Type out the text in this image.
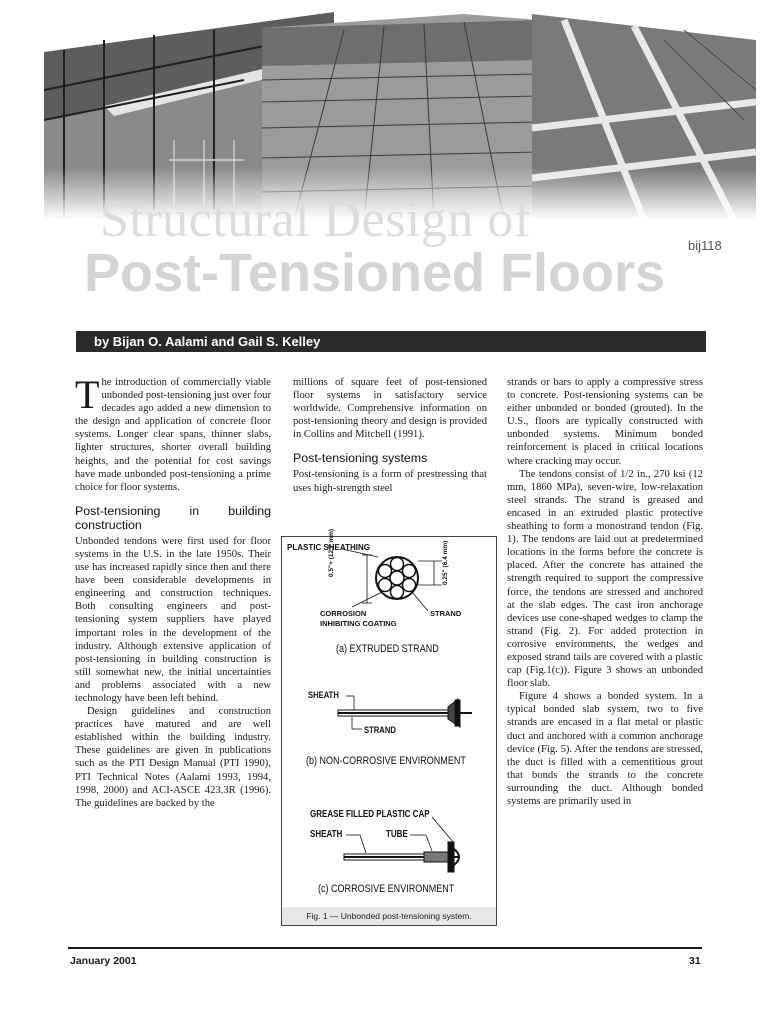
Structural Design of
Post-Tensioned Floors bij118
by Bijan O. Aalami and Gail S. Kelley

The introduction of commercially viable unbonded post-tensioning just over four decades ago added a new dimension to the design and application of concrete floor systems. Longer clear spans, thinner slabs, lighter structures, shorter overall building heights, and the potential for cost savings have made unbonded post-tensioning a prime choice for floor systems.

Post-tensioning in building construction

Unbonded tendons were first used for floor systems in the U.S. in the late 1950s. Their use has increased rapidly since then and there have been considerable developments in engineering and construction techniques. Both consulting engineers and post-tensioning system suppliers have played important roles in the development of the industry. Although extensive application of post-tensioning in building construction is still somewhat new, the initial uncertainties and problems associated with a new technology have been left behind.

Design guidelines and construction practices have matured and are well established within the building industry. These guidelines are given in publications such as the PTI Design Manual (PTI 1990), PTI Technical Notes (Aalami 1993, 1994, 1998, 2000) and ACI-ASCE 423.3R (1996). The guidelines are backed by the

millions of square feet of post-tensioned floor systems in satisfactory service worldwide. Comprehensive information on post-tensioning theory and design is provided in Collins and Mitchell (1991).

Post-tensioning systems

Post-tensioning is a form of prestressing that uses high-strength steel

PLASTIC SHEATHING
0.5"+ (12.7 mm)	0.25" (6.4 mm)
CORROSION
INHIBITING COATING
STRAND
(a) EXTRUDED STRAND
SHEATH
STRAND
(b) NON-CORROSIVE ENVIRONMENT
GREASE FILLED PLASTIC CAP
SHEATH	TUBE
(c) CORROSIVE ENVIRONMENT
Fig. 1 — Unbonded post-tensioning system.

strands or bars to apply a compressive stress to concrete. Post-tensioning systems can be either unbonded or bonded (grouted). In the U.S., floors are typically constructed with unbonded systems. Minimum bonded reinforcement is placed in critical locations where cracking may occur.

The tendons consist of 1/2 in., 270 ksi (12 mm, 1860 MPa), seven-wire, low-relaxation steel strands. The strand is greased and encased in an extruded plastic protective sheathing to form a monostrand tendon (Fig. 1). The tendons are laid out at predetermined locations in the forms before the concrete is placed. After the concrete has attained the strength required to support the compressive force, the tendons are stressed and anchored at the slab edges. The cast iron anchorage devices use cone-shaped wedges to clamp the strand (Fig. 2). For added protection in corrosive environments, the wedges and exposed strand tails are covered with a plastic cap (Fig.1(c)). Figure 3 shows an unbonded floor slab.

Figure 4 shows a bonded system. In a typical bonded slab system, two to five strands are encased in a flat metal or plastic duct and anchored with a common anchorage device (Fig. 5). After the tendons are stressed, the duct is filled with a cementitious grout that bonds the strands to the concrete surrounding the duct. Although bonded systems are primarily used in

January 2001	31
